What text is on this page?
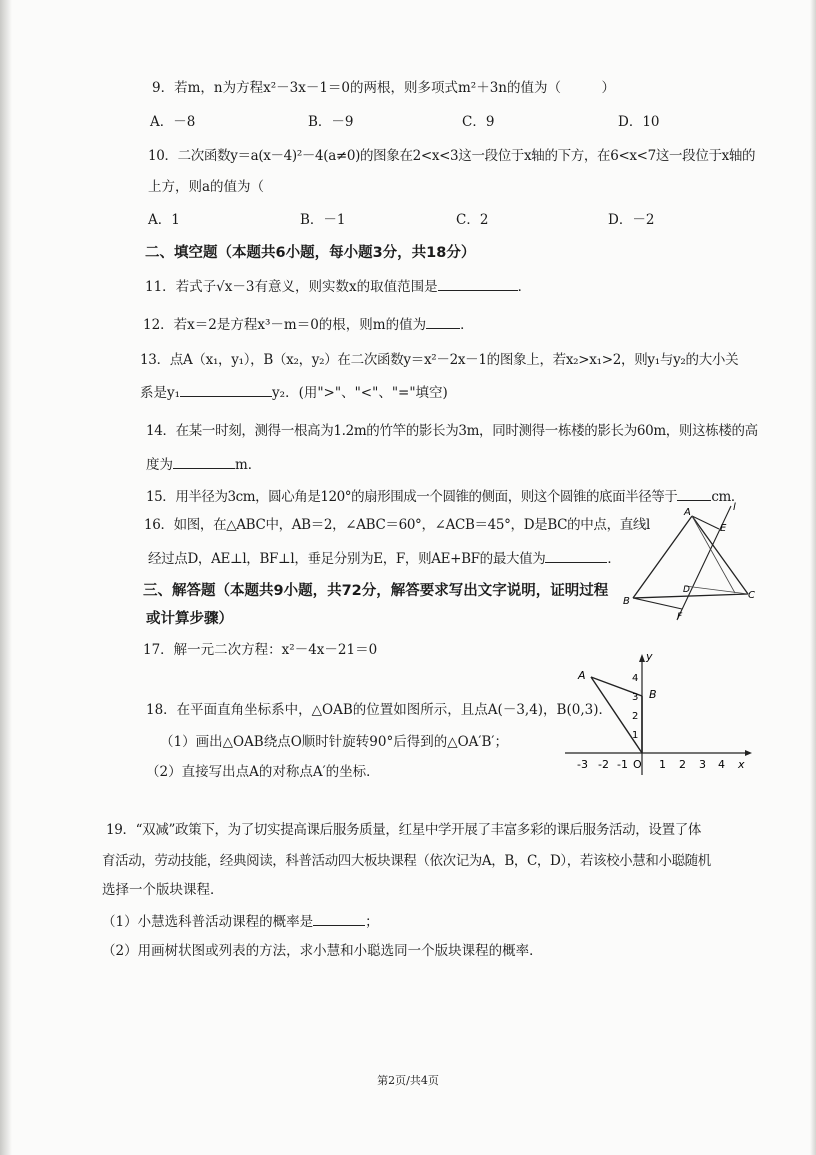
9．若m，n为方程x²－3x－1＝0的两根，则多项式m²＋3n的值为（　　　）
A．－8	B．－9	C．9	D．10
10．二次函数y＝a(x－4)²－4(a≠0)的图象在2<x<3这一段位于x轴的下方，在6<x<7这一段位于x轴的
上方，则a的值为（
A．1	B．－1	C．2	D．－2
二、填空题（本题共6小题，每小题3分，共18分）
11．若式子√x－3有意义，则实数x的取值范围是	．
12．若x＝2是方程x³－m＝0的根，则m的值为	．
13．点A（x₁，y₁），B（x₂，y₂）在二次函数y＝x²－2x－1的图象上，若x₂>x₁>2，则y₁与y₂的大小关
系是y₁	y₂．(用">"、"<"、"="填空)
14．在某一时刻，测得一根高为1.2m的竹竿的影长为3m，同时测得一栋楼的影长为60m，则这栋楼的高
度为	m．
15．用半径为3cm，圆心角是120°的扇形围成一个圆锥的侧面，则这个圆锥的底面半径等于	cm．
16．如图，在△ABC中，AB＝2，∠ABC＝60°，∠ACB＝45°，D是BC的中点，直线l
经过点D，AE⊥l，BF⊥l，垂足分别为E，F，则AE+BF的最大值为	．
A
E
l
B
D
F
C
三、解答题（本题共9小题，共72分，解答要求写出文字说明，证明过程
或计算步骤）
17．解一元二次方程：x²－4x－21＝0
18．在平面直角坐标系中，△OAB的位置如图所示，且点A(－3,4)，B(0,3)．
（1）画出△OAB绕点O顺时针旋转90°后得到的△OA′B′；
（2）直接写出点A的对称点A′的坐标．
y
x
A
B
4
3
2
1
-3 -2 -1 O 1 2 3 4
19．“双减”政策下，为了切实提高课后服务质量，红星中学开展了丰富多彩的课后服务活动，设置了体
育活动，劳动技能，经典阅读，科普活动四大板块课程（依次记为A，B，C，D），若该校小慧和小聪随机
选择一个版块课程．
（1）小慧选科普活动课程的概率是	；
（2）用画树状图或列表的方法，求小慧和小聪选同一个版块课程的概率．
第2页/共4页
